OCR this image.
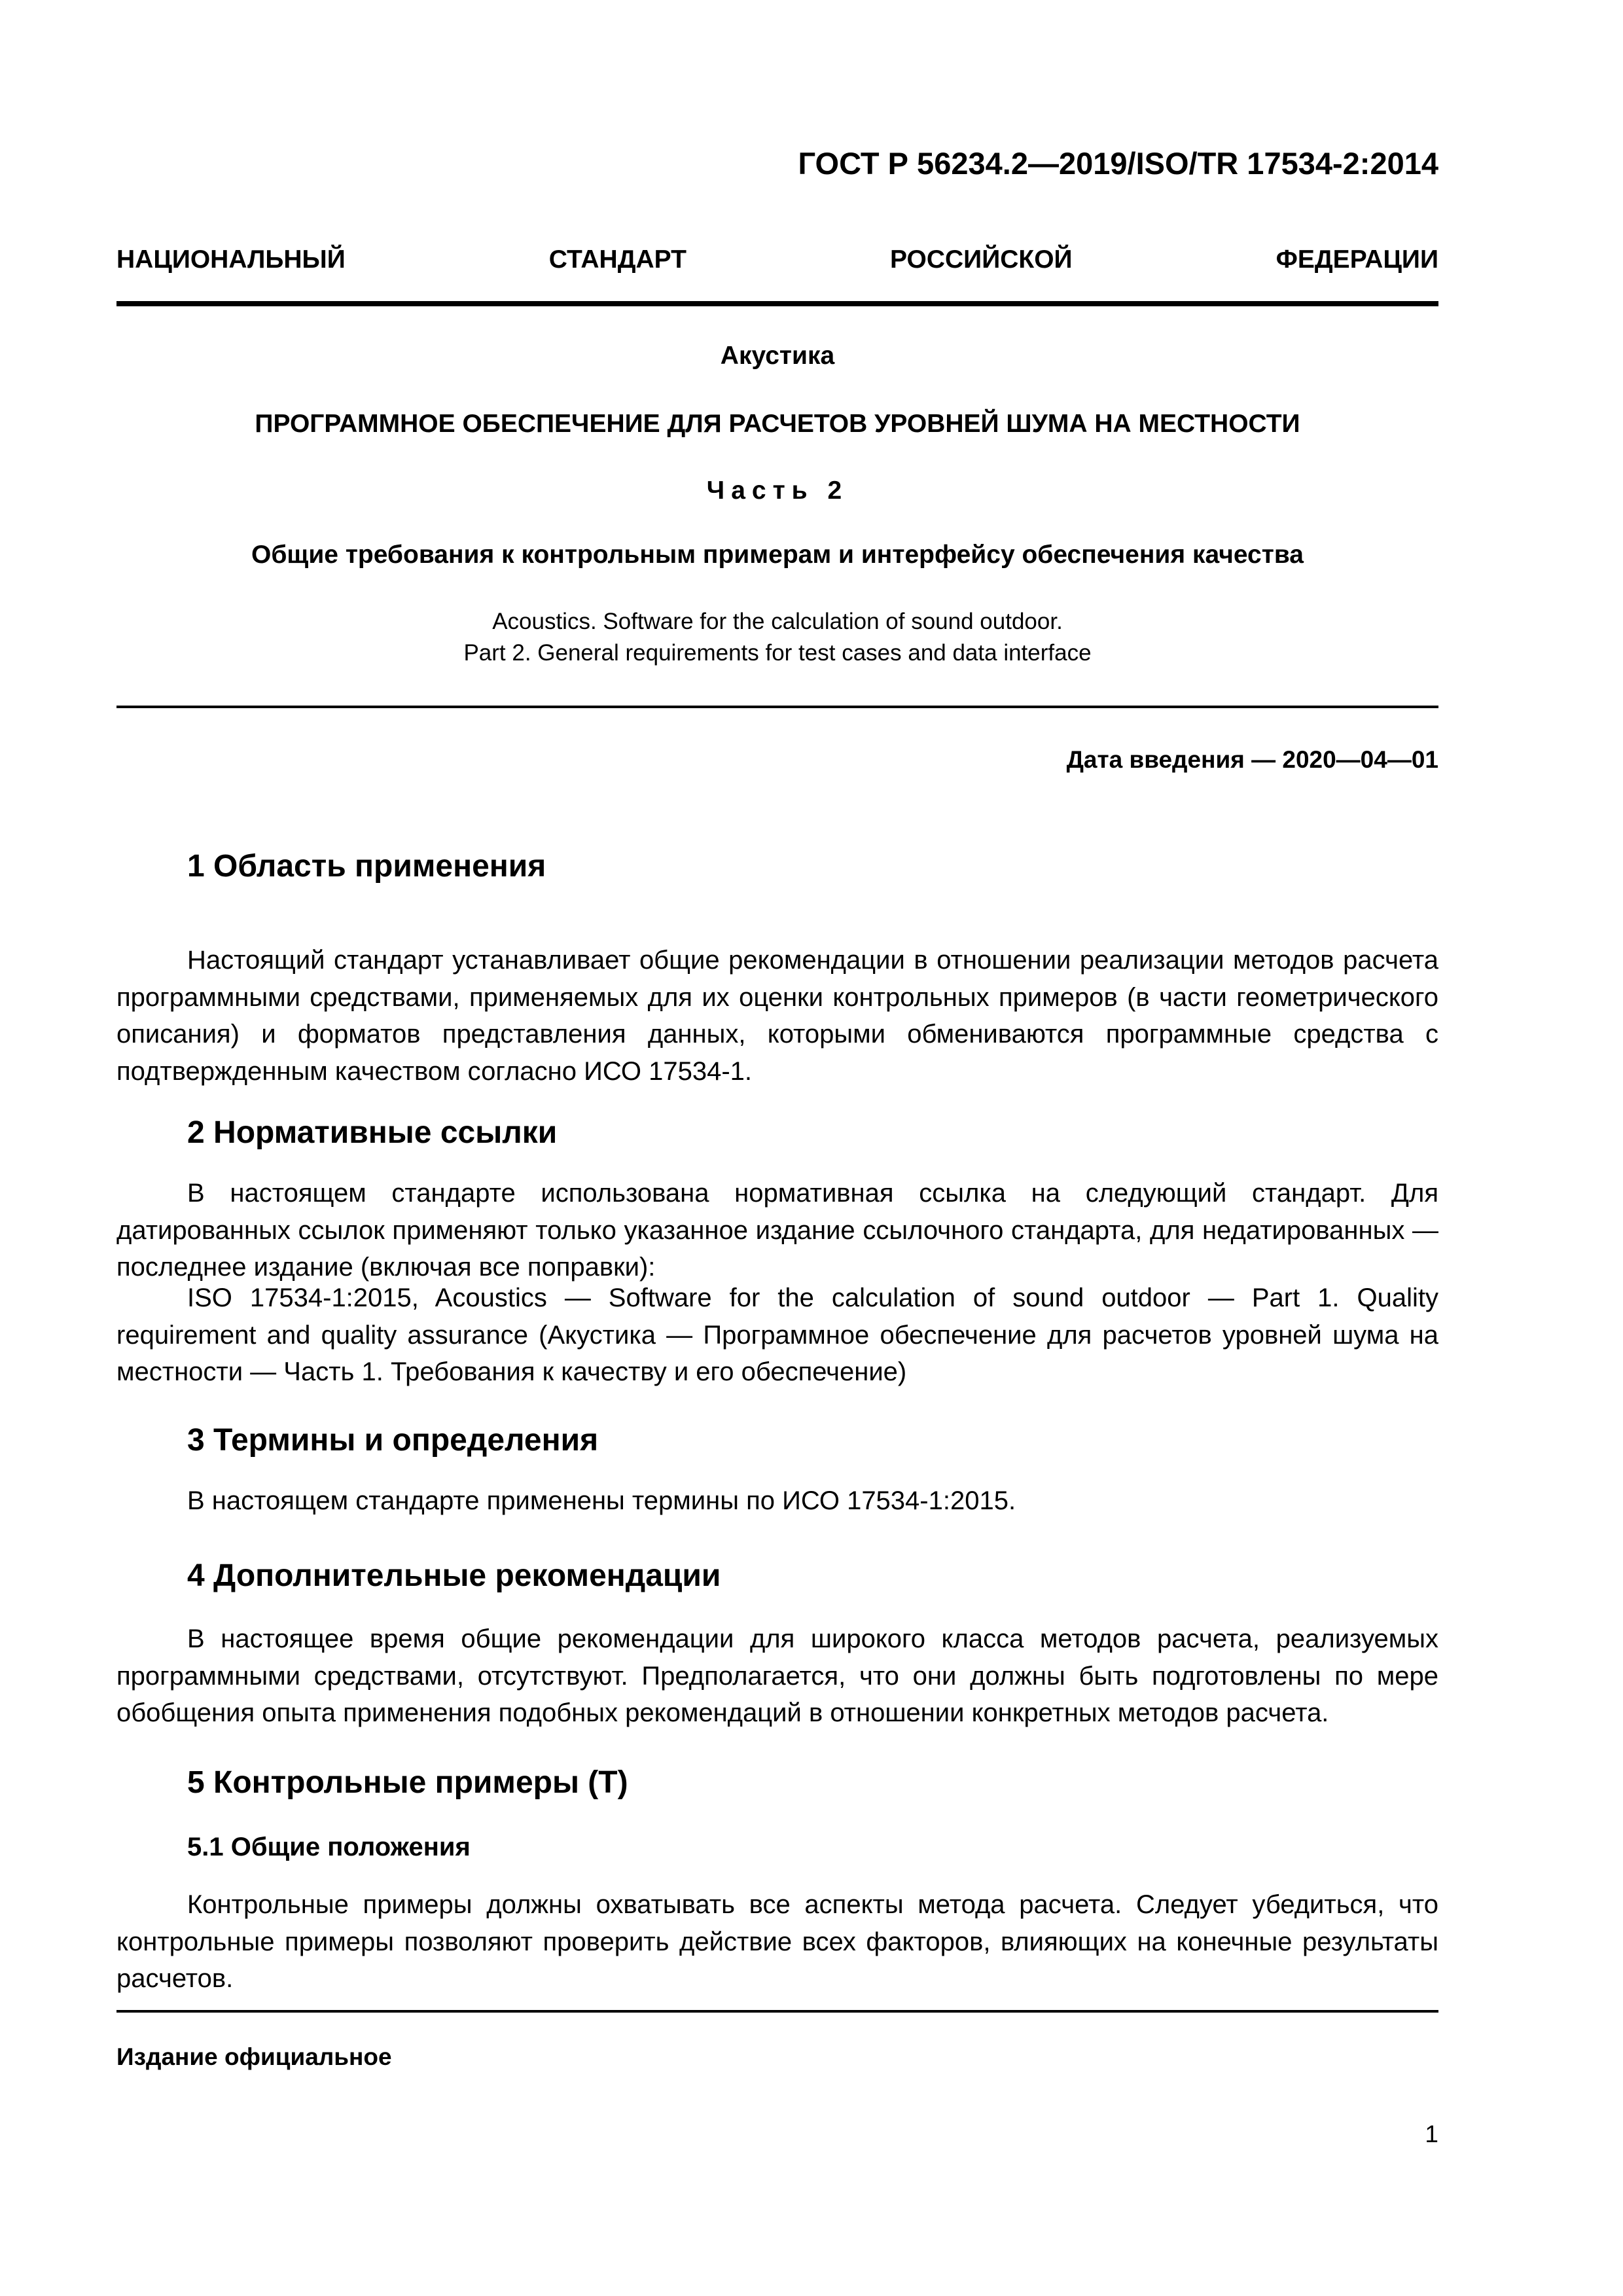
ГОСТ Р 56234.2—2019/ISO/TR 17534-2:2014
НАЦИОНАЛЬНЫЙ СТАНДАРТ РОССИЙСКОЙ ФЕДЕРАЦИИ
Акустика
ПРОГРАММНОЕ ОБЕСПЕЧЕНИЕ ДЛЯ РАСЧЕТОВ УРОВНЕЙ ШУМА НА МЕСТНОСТИ
Часть 2
Общие требования к контрольным примерам и интерфейсу обеспечения качества
Acoustics. Software for the calculation of sound outdoor.
Part 2. General requirements for test cases and data interface
Дата введения — 2020—04—01
1 Область применения

Настоящий стандарт устанавливает общие рекомендации в отношении реализации методов расчета программными средствами, применяемых для их оценки контрольных примеров (в части геометрического описания) и форматов представления данных, которыми обмениваются программные средства с подтвержденным качеством согласно ИСО 17534-1.

2 Нормативные ссылки

В настоящем стандарте использована нормативная ссылка на следующий стандарт. Для датированных ссылок применяют только указанное издание ссылочного стандарта, для недатированных — последнее издание (включая все поправки):

ISO 17534-1:2015, Acoustics — Software for the calculation of sound outdoor — Part 1. Quality requirement and quality assurance (Акустика — Программное обеспечение для расчетов уровней шума на местности — Часть 1. Требования к качеству и его обеспечение)

3 Термины и определения

В настоящем стандарте применены термины по ИСО 17534-1:2015.

4 Дополнительные рекомендации

В настоящее время общие рекомендации для широкого класса методов расчета, реализуемых программными средствами, отсутствуют. Предполагается, что они должны быть подготовлены по мере обобщения опыта применения подобных рекомендаций в отношении конкретных методов расчета.

5 Контрольные примеры (T)
5.1 Общие положения

Контрольные примеры должны охватывать все аспекты метода расчета. Следует убедиться, что контрольные примеры позволяют проверить действие всех факторов, влияющих на конечные результаты расчетов.

Издание официальное
1
